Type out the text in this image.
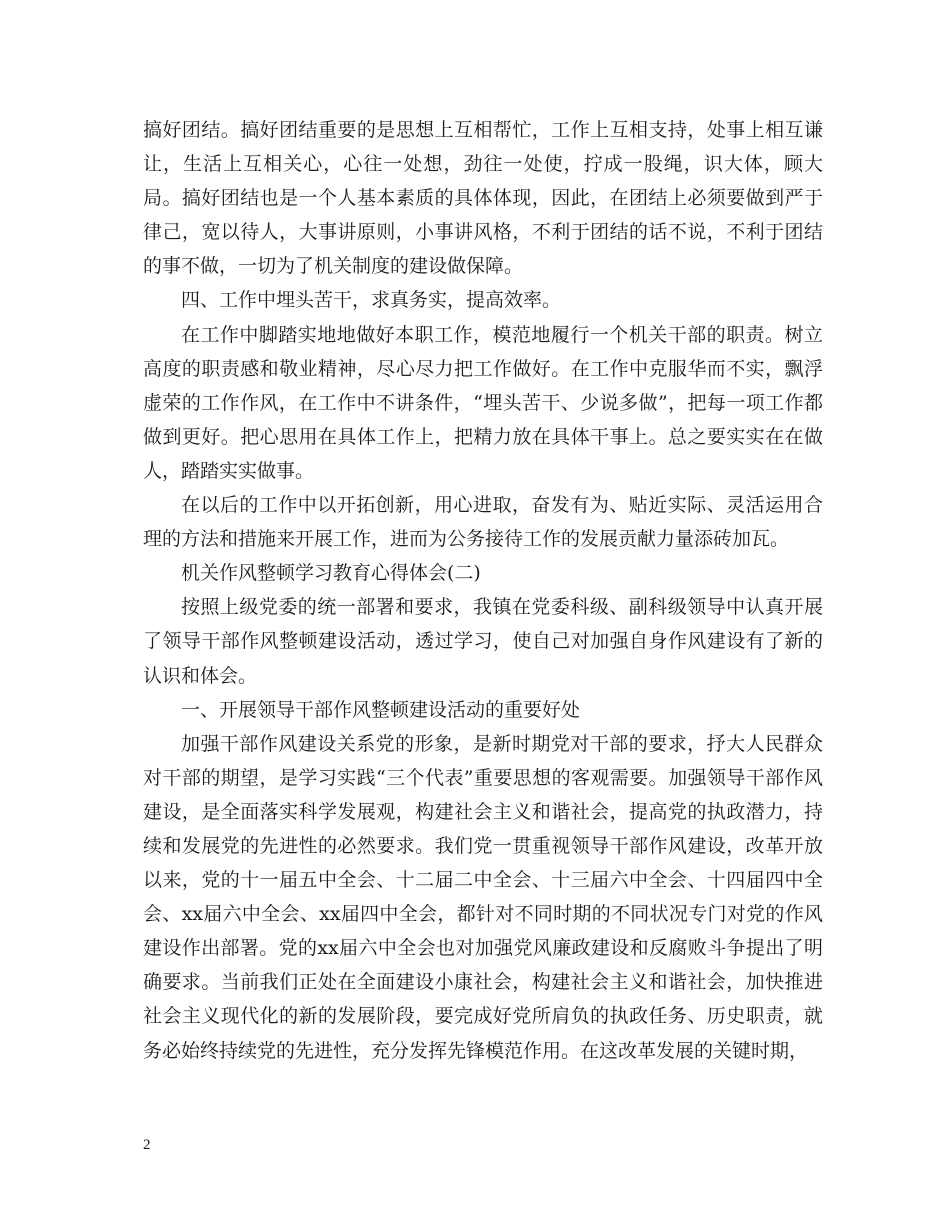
搞好团结。搞好团结重要的是思想上互相帮忙，工作上互相支持，处事上相互谦让，生活上互相关心，心往一处想，劲往一处使，拧成一股绳，识大体，顾大局。搞好团结也是一个人基本素质的具体体现，因此，在团结上必须要做到严于律己，宽以待人，大事讲原则，小事讲风格，不利于团结的话不说，不利于团结的事不做，一切为了机关制度的建设做保障。

四、工作中埋头苦干，求真务实，提高效率。

在工作中脚踏实地地做好本职工作，模范地履行一个机关干部的职责。树立高度的职责感和敬业精神，尽心尽力把工作做好。在工作中克服华而不实，飘浮虚荣的工作作风，在工作中不讲条件，“埋头苦干、少说多做”，把每一项工作都做到更好。把心思用在具体工作上，把精力放在具体干事上。总之要实实在在做人，踏踏实实做事。

在以后的工作中以开拓创新，用心进取，奋发有为、贴近实际、灵活运用合理的方法和措施来开展工作，进而为公务接待工作的发展贡献力量添砖加瓦。

机关作风整顿学习教育心得体会(二)

按照上级党委的统一部署和要求，我镇在党委科级、副科级领导中认真开展了领导干部作风整顿建设活动，透过学习，使自己对加强自身作风建设有了新的认识和体会。

一、开展领导干部作风整顿建设活动的重要好处

加强干部作风建设关系党的形象，是新时期党对干部的要求，抒大人民群众对干部的期望，是学习实践“三个代表”重要思想的客观需要。加强领导干部作风建设，是全面落实科学发展观，构建社会主义和谐社会，提高党的执政潜力，持续和发展党的先进性的必然要求。我们党一贯重视领导干部作风建设，改革开放以来，党的十一届五中全会、十二届二中全会、十三届六中全会、十四届四中全会、xx届六中全会、xx届四中全会，都针对不同时期的不同状况专门对党的作风建设作出部署。党的xx届六中全会也对加强党风廉政建设和反腐败斗争提出了明确要求。当前我们正处在全面建设小康社会，构建社会主义和谐社会，加快推进社会主义现代化的新的发展阶段，要完成好党所肩负的执政任务、历史职责，就务必始终持续党的先进性，充分发挥先锋模范作用。在这改革发展的关键时期，

2
